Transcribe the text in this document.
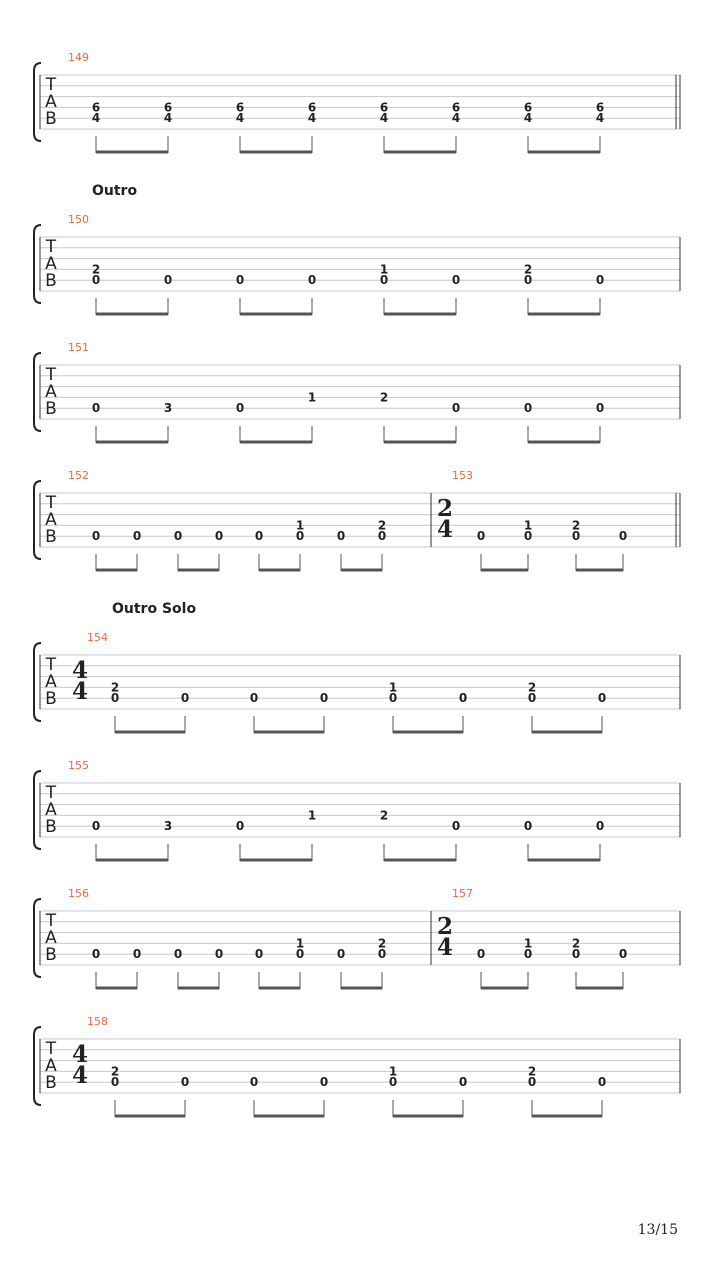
Outro
Outro Solo
T
A
B
149
6
4
6
4
6
4
6
4
6
4
6
4
6
4
6
4
T
A
B
150
2
0	0	0	0
1
0	0
2
0	0
T
A
B
151
0	3	0
1	2
0	0	0
T
A
B
152
0	0	0	0	0
1
0	0
2
0
153
2
4 0
1
0
2
0	0
T
A
B
154
4
4 2
0	0	0	0
1
0	0
2
0	0
T
A
B
155
0	3	0
1	2
0	0	0
T
A
B
156
0	0	0	0	0
1
0	0
2
0
157
2
4 0
1
0
2
0	0
T
A
B
158
4
4 2
0	0	0	0
1
0	0
2
0	0
13/15
